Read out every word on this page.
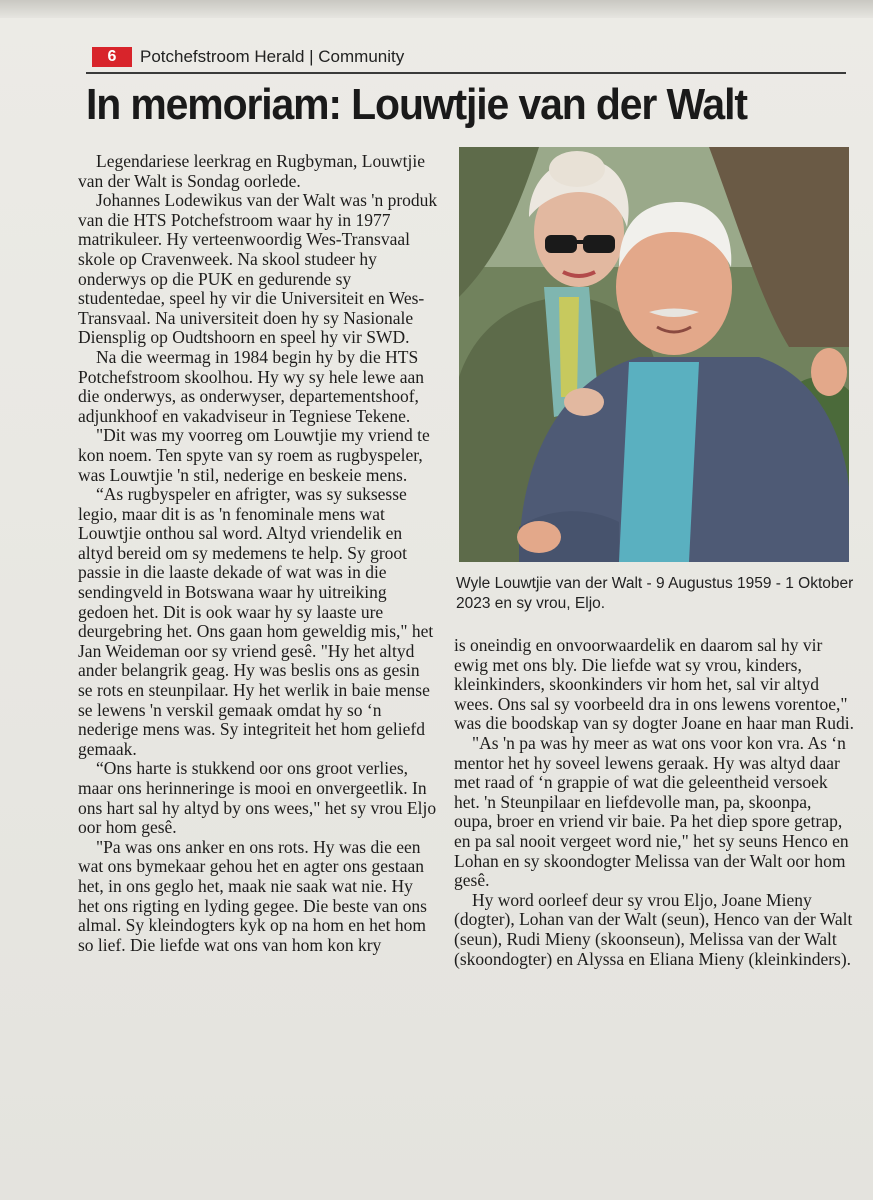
6	Potchefstroom Herald | Community
In memoriam: Louwtjie van der Walt

Legendariese leerkrag en Rugbyman, Louwtjie van der Walt is Sondag oorlede.

Johannes Lodewikus van der Walt was 'n produk van die HTS Potchefstroom waar hy in 1977 matrikuleer. Hy verteenwoordig Wes-Transvaal skole op Cravenweek. Na skool studeer hy onderwys op die PUK en gedurende sy studentedae, speel hy vir die Universiteit en Wes-Transvaal. Na universiteit doen hy sy Nasionale Diensplig op Oudtshoorn en speel hy vir SWD.

Na die weermag in 1984 begin hy by die HTS Potchefstroom skoolhou. Hy wy sy hele lewe aan die onderwys, as onderwyser, departementshoof, adjunkhoof en vakadviseur in Tegniese Tekene.

"Dit was my voorreg om Louwtjie my vriend te kon noem. Ten spyte van sy roem as rugbyspeler, was Louwtjie 'n stil, nederige en beskeie mens.

“As rugbyspeler en afrigter, was sy suksesse legio, maar dit is as 'n fenominale mens wat Louwtjie onthou sal word. Altyd vriendelik en altyd bereid om sy medemens te help. Sy groot passie in die laaste dekade of wat was in die sendingveld in Botswana waar hy uitreiking gedoen het. Dit is ook waar hy sy laaste ure deurgebring het. Ons gaan hom geweldig mis," het Jan Weideman oor sy vriend gesê. "Hy het altyd ander belangrik geag. Hy was beslis ons as gesin se rots en steunpilaar. Hy het werlik in baie mense se lewens 'n verskil gemaak omdat hy so ‘n nederige mens was. Sy integriteit het hom geliefd gemaak.

“Ons harte is stukkend oor ons groot verlies, maar ons herinneringe is mooi en onvergeetlik. In ons hart sal hy altyd by ons wees," het sy vrou Eljo oor hom gesê.

"Pa was ons anker en ons rots. Hy was die een wat ons bymekaar gehou het en agter ons gestaan het, in ons geglo het, maak nie saak wat nie. Hy het ons rigting en lyding gegee. Die beste van ons almal. Sy kleindogters kyk op na hom en het hom so lief. Die liefde wat ons van hom kon kry

Wyle Louwtjie van der Walt - 9 Augustus 1959 - 1 Oktober 2023 en sy vrou, Eljo.

is oneindig en onvoorwaardelik en daarom sal hy vir ewig met ons bly. Die liefde wat sy vrou, kinders, kleinkinders, skoonkinders vir hom het, sal vir altyd wees. Ons sal sy voorbeeld dra in ons lewens vorentoe," was die boodskap van sy dogter Joane en haar man Rudi.

"As 'n pa was hy meer as wat ons voor kon vra. As ‘n mentor het hy soveel lewens geraak. Hy was altyd daar met raad of ‘n grappie of wat die geleentheid versoek het. 'n Steunpilaar en liefdevolle man, pa, skoonpa, oupa, broer en vriend vir baie. Pa het diep spore getrap, en pa sal nooit vergeet word nie," het sy seuns Henco en Lohan en sy skoondogter Melissa van der Walt oor hom gesê.

Hy word oorleef deur sy vrou Eljo, Joane Mieny (dogter), Lohan van der Walt (seun), Henco van der Walt (seun), Rudi Mieny (skoonseun), Melissa van der Walt (skoondogter) en Alyssa en Eliana Mieny (kleinkinders).
